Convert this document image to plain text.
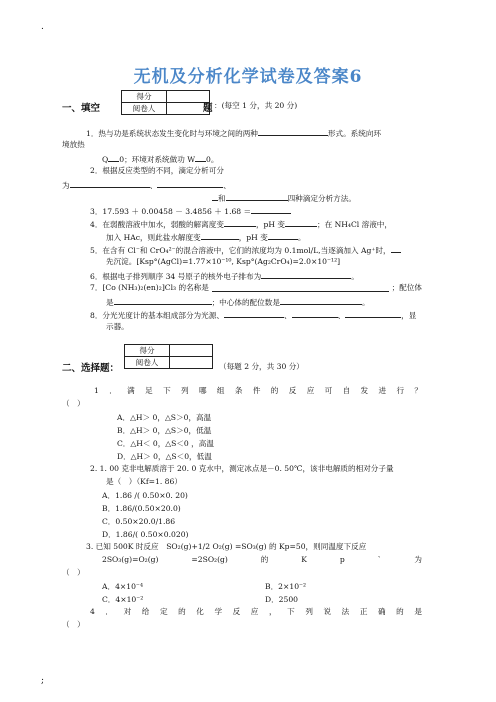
.
无机及分析化学试卷及答案6
一、填空
得分	
阅卷人		题 ：(每空 1 分，共 20 分)
1．热与功是系统状态发生变化时与环境之间的两种	形式。系统向环
境放热
Q 0；环境对系统做功 W 0。
2．根据反应类型的不同，滴定分析可分
为	、	、
和	四种滴定分析方法。
3．17.593 ＋ 0.00458 － 3.4856 ＋ 1.68 ＝
4．在弱酸溶液中加水，弱酸的解离度变	，pH 变	；在 NH₄Cl 溶液中，
加入 HAc，则此盐水解度变	，pH 变	。
5．在含有 Cl⁻和 CrO₄²⁻的混合溶液中，它们的浓度均为 0.1mol/L,当逐滴加入 Ag⁺时，
先沉淀。[Ksp°(AgCl)=1.77×10⁻¹⁰, Ksp°(Ag₂CrO₄)=2.0×10⁻¹²]
6．根据电子排列顺序 34 号原子的核外电子排布为	。
7．[Co (NH₃)₂(en)₂]Cl₃ 的名称是	；配位体
是	；中心体的配位数是	。
8．分光光度计的基本组成部分为光源、	、	、	，显
示器。
得分	
阅卷人	
二、选择题：	（每题 2 分，共 30 分）
1 ． 满 足 下 列 哪 组 条 件 的 反 应 可 自 发 进 行 ？
（　）
A．△H＞ 0，△S＞0，高温
B．△H＞ 0，△S＞0，低温
C．△H＜ 0，△S＜0 ，高温
D．△H＞ 0，△S＜0，低温
2. 1. 00 克非电解质溶于 20. 0 克水中，测定冰点是－0. 50℃，该非电解质的相对分子量
是（　）（Kf=1. 86）
A．1.86 /( 0.50×0. 20)
B．1.86/(0.50×20.0)
C．0.50×20.0/1.86
D．1.86/( 0.50×0.020)
3. 已知 500K 时反应　SO₂(g)+1/2 O₂(g) =SO₃(g) 的 Kp=50，则同温度下反应
2SO₃(g)=O₂(g)	=2SO₂(g)	的	K	p	`	为
（　）
A．4×10⁻⁴	B．2×10⁻²
C．4×10⁻²	D．2500
4 ． 对 给 定 的 化 学 反 应 ， 下 列 说 法 正 确 的 是
（　）
;
